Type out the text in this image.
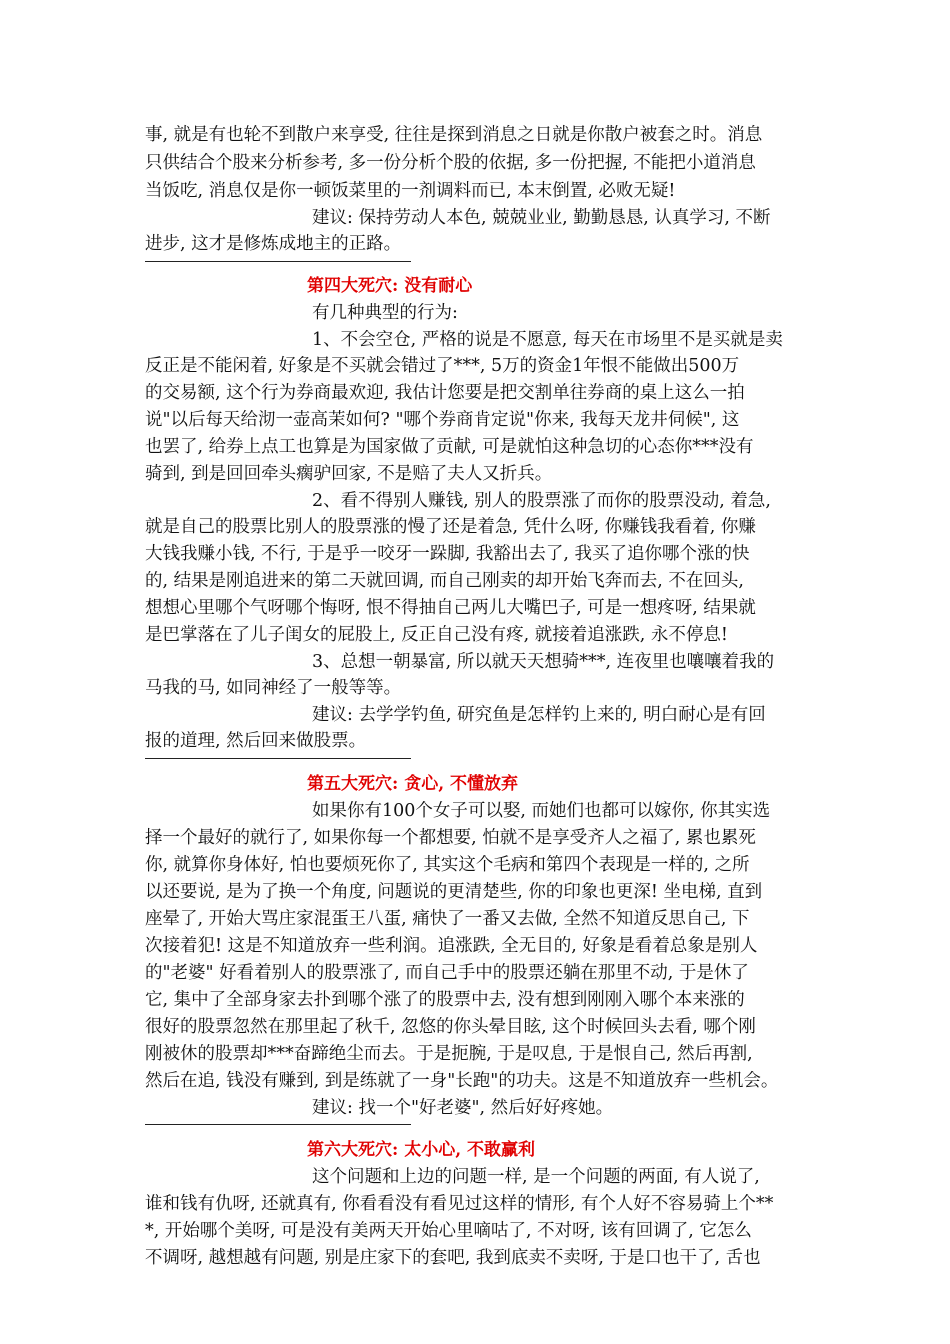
事, 就是有也轮不到散户来享受, 往往是探到消息之日就是你散户被套之时。消息
只供结合个股来分析参考, 多一份分析个股的依据, 多一份把握, 不能把小道消息
当饭吃, 消息仅是你一顿饭菜里的一剂调料而已, 本末倒置, 必败无疑!
建议: 保持劳动人本色, 兢兢业业, 勤勤恳恳, 认真学习, 不断
进步, 这才是修炼成地主的正路。
第四大死穴: 没有耐心
有几种典型的行为:
1、不会空仓, 严格的说是不愿意, 每天在市场里不是买就是卖
反正是不能闲着, 好象是不买就会错过了***, 5万的资金1年恨不能做出500万
的交易额, 这个行为券商最欢迎, 我估计您要是把交割单往券商的桌上这么一拍
说"以后每天给沏一壶高茉如何? "哪个券商肯定说"你来, 我每天龙井伺候", 这
也罢了, 给券上点工也算是为国家做了贡献, 可是就怕这种急切的心态你***没有
骑到, 到是回回牵头瘸驴回家, 不是赔了夫人又折兵。
2、看不得别人赚钱, 别人的股票涨了而你的股票没动, 着急,
就是自己的股票比别人的股票涨的慢了还是着急, 凭什么呀, 你赚钱我看着, 你赚
大钱我赚小钱, 不行, 于是乎一咬牙一跺脚, 我豁出去了, 我买了追你哪个涨的快
的, 结果是刚追进来的第二天就回调, 而自己刚卖的却开始飞奔而去, 不在回头,
想想心里哪个气呀哪个悔呀, 恨不得抽自己两儿大嘴巴子, 可是一想疼呀, 结果就
是巴掌落在了儿子闺女的屁股上, 反正自己没有疼, 就接着追涨跌, 永不停息!
3、总想一朝暴富, 所以就天天想骑***, 连夜里也嚷嚷着我的
马我的马, 如同神经了一般等等。
建议: 去学学钓鱼, 研究鱼是怎样钓上来的, 明白耐心是有回
报的道理, 然后回来做股票。
第五大死穴: 贪心, 不懂放弃
如果你有100个女子可以娶, 而她们也都可以嫁你, 你其实选
择一个最好的就行了, 如果你每一个都想要, 怕就不是享受齐人之福了, 累也累死
你, 就算你身体好, 怕也要烦死你了, 其实这个毛病和第四个表现是一样的, 之所
以还要说, 是为了换一个角度, 问题说的更清楚些, 你的印象也更深! 坐电梯, 直到
座晕了, 开始大骂庄家混蛋王八蛋, 痛快了一番又去做, 全然不知道反思自己, 下
次接着犯! 这是不知道放弃一些利润。追涨跌, 全无目的, 好象是看着总象是别人
的"老婆" 好看着别人的股票涨了, 而自己手中的股票还躺在那里不动, 于是休了
它, 集中了全部身家去扑到哪个涨了的股票中去, 没有想到刚刚入哪个本来涨的
很好的股票忽然在那里起了秋千, 忽悠的你头晕目眩, 这个时候回头去看, 哪个刚
刚被休的股票却***奋蹄绝尘而去。于是扼腕, 于是叹息, 于是恨自己, 然后再割,
然后在追, 钱没有赚到, 到是练就了一身"长跑"的功夫。这是不知道放弃一些机会。
建议: 找一个"好老婆", 然后好好疼她。
第六大死穴: 太小心, 不敢赢利
这个问题和上边的问题一样, 是一个问题的两面, 有人说了,
谁和钱有仇呀, 还就真有, 你看看没有看见过这样的情形, 有个人好不容易骑上个**
*, 开始哪个美呀, 可是没有美两天开始心里嘀咕了, 不对呀, 该有回调了, 它怎么
不调呀, 越想越有问题, 别是庄家下的套吧, 我到底卖不卖呀, 于是口也干了, 舌也
